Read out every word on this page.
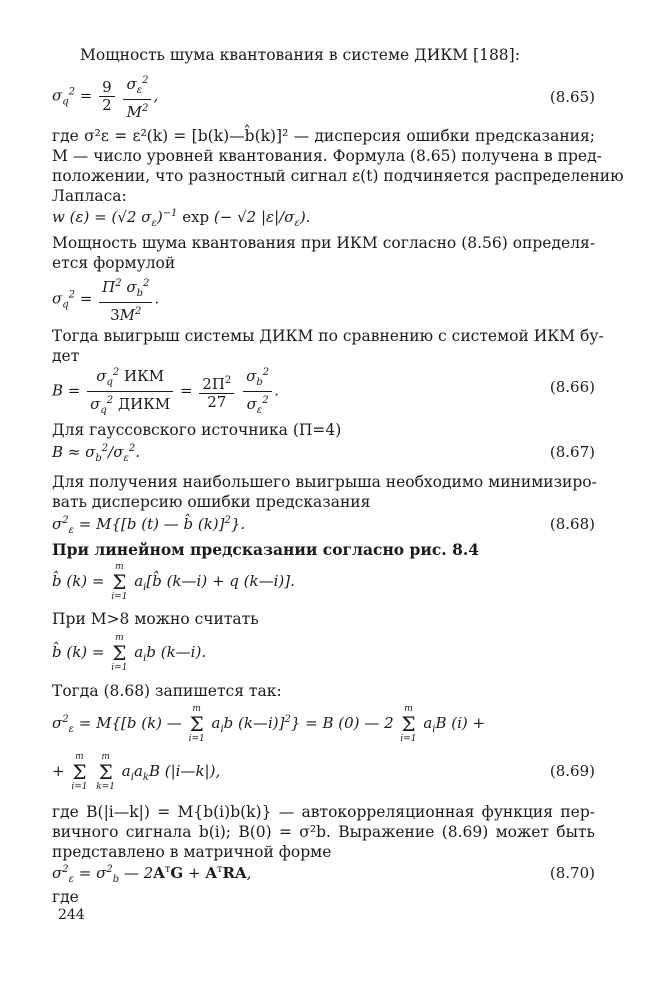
Мощность шума квантования в системе ДИКМ [188]:
$\sigma_q^2 = \frac{9}{2}$
$\frac{\sigma_\varepsilon^2}{M^2}$ ,	(8.65)
где σ²ε = ε²(k) = [b(k)—b̂(k)]² — дисперсия ошибки предсказания;
M — число уровней квантования. Формула (8.65) получена в пред-
положении, что разностный сигнал ε(t) подчиняется распределению
Лапласа:
w (ε) = (√2 $\sigma_\varepsilon)^{-1}$ exp (− √2 $|\varepsilon|/\sigma_\varepsilon$).
Мощность шума квантования при ИКМ согласно (8.56) определя-
ется формулой
$\sigma_q^2 = \frac{\Pi^2 \sigma_b^2}{3M^2}$ .
Тогда выигрыш системы ДИКМ по сравнению с системой ИКМ бу-
дет
$B = \frac{\sigma_q^2 ИКМ}{\sigma_q^2 ДИКМ} = \frac{2\Pi^2}{27}$
$\frac{\sigma_b^2}{\sigma_\varepsilon^2}$ .	(8.66)
Для гауссовского источника (Π=4)
$B \approx \sigma_b^2/\sigma_\varepsilon^2$.	(8.67)
Для получения наибольшего выигрыша необходимо минимизиро-
вать дисперсию ошибки предсказания
$\sigma^2_\varepsilon = M\{[b$ (t) — b̂ (k)]$^2$}.	(8.68)
При линейном предсказании согласно рис. 8.4
b̂ (k) =
m
Σ
i=1
$a_i[b̂$ (k—i) + q (k—i)].
При M>8 можно считать
b̂ (k) =
m
Σ
i=1
$a_ib$ (k—i).
Тогда (8.68) запишется так:
$\sigma^2_\varepsilon = M\{[b$ (k) —
m
Σ
i=1
$a_ib$ (k—i)]$^2$} = B (0) — 2
m
Σ
i=1
$a_iB$ (i) +
+
m
Σ
i=1

m
Σ
k=1
$a_ia_kB$ (|i—k|),	(8.69)
где B(|i—k|) = M{b(i)b(k)} — автокорреляционная функция пер-
вичного сигнала b(i); B(0) = σ²b. Выражение (8.69) может быть
представлено в матричной форме
$\sigma^2_\varepsilon = \sigma^2_b$ — $2A^тG + A^тRA$,	(8.70)
где
244
